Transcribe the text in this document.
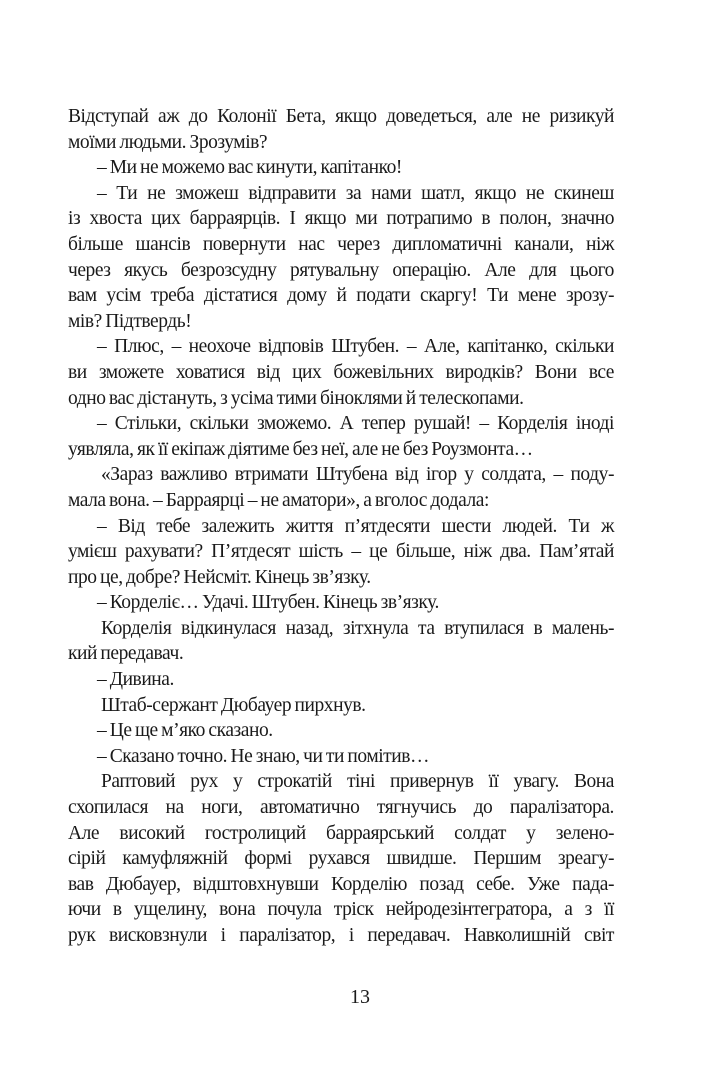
Відступай аж до Колонії Бета, якщо доведеться, але не ризикуй
моїми людьми. Зрозумів?
– Ми не можемо вас кинути, капітанко!
– Ти не зможеш відправити за нами шатл, якщо не скинеш
із хвоста цих барраярців. І якщо ми потрапимо в полон, значно
більше шансів повернути нас через дипломатичні канали, ніж
через якусь безрозсудну рятувальну операцію. Але для цього
вам усім треба дістатися дому й подати скаргу! Ти мене зрозу-
мів? Підтвердь!
– Плюс, – неохоче відповів Штубен. – Але, капітанко, скільки
ви зможете ховатися від цих божевільних виродків? Вони все
одно вас дістануть, з усіма тими біноклями й телескопами.
– Стільки, скільки зможемо. А тепер рушай! – Корделія іноді
уявляла, як її екіпаж діятиме без неї, але не без Роузмонта…
«Зараз важливо втримати Штубена від ігор у солдата, – поду-
мала вона. – Барраярці – не аматори», а вголос додала:
– Від тебе залежить життя п’ятдесяти шести людей. Ти ж
умієш рахувати? П’ятдесят шість – це більше, ніж два. Пам’ятай
про це, добре? Нейсміт. Кінець зв’язку.
– Корделіє… Удачі. Штубен. Кінець зв’язку.
Корделія відкинулася назад, зітхнула та втупилася в малень-
кий передавач.
– Дивина.
Штаб-сержант Дюбауер пирхнув.
– Це ще м’яко сказано.
– Сказано точно. Не знаю, чи ти помітив…
Раптовий рух у строкатій тіні привернув її увагу. Вона
схопилася на ноги, автоматично тягнучись до паралізатора.
Але високий гостролиций барраярський солдат у зелено-
сірій камуфляжній формі рухався швидше. Першим зреагу-
вав Дюбауер, відштовхнувши Корделію позад себе. Уже пада-
ючи в ущелину, вона почула тріск нейродезінтегратора, а з її
рук висковзнули і паралізатор, і передавач. Навколишній світ
13
